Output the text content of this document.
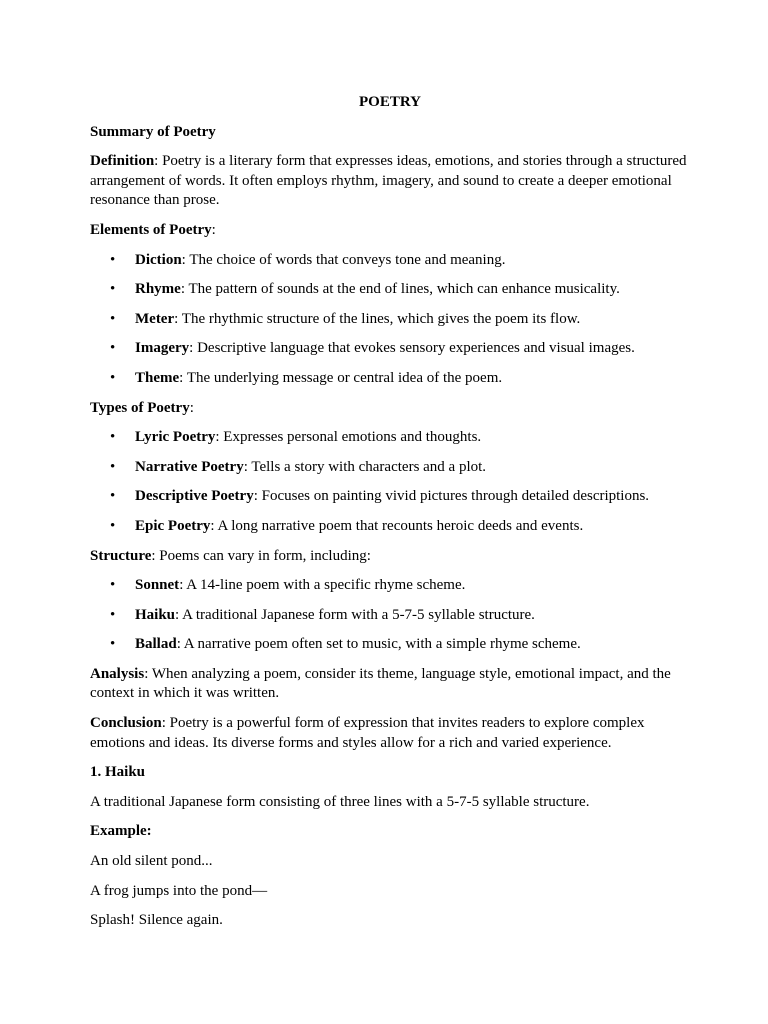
POETRY

Summary of Poetry

Definition: Poetry is a literary form that expresses ideas, emotions, and stories through a structured arrangement of words. It often employs rhythm, imagery, and sound to create a deeper emotional resonance than prose.

Elements of Poetry:

• Diction: The choice of words that conveys tone and meaning.
• Rhyme: The pattern of sounds at the end of lines, which can enhance musicality.
• Meter: The rhythmic structure of the lines, which gives the poem its flow.
• Imagery: Descriptive language that evokes sensory experiences and visual images.
• Theme: The underlying message or central idea of the poem.

Types of Poetry:

• Lyric Poetry: Expresses personal emotions and thoughts.
• Narrative Poetry: Tells a story with characters and a plot.
• Descriptive Poetry: Focuses on painting vivid pictures through detailed descriptions.
• Epic Poetry: A long narrative poem that recounts heroic deeds and events.

Structure: Poems can vary in form, including:

• Sonnet: A 14-line poem with a specific rhyme scheme.
• Haiku: A traditional Japanese form with a 5-7-5 syllable structure.
• Ballad: A narrative poem often set to music, with a simple rhyme scheme.

Analysis: When analyzing a poem, consider its theme, language style, emotional impact, and the context in which it was written.

Conclusion: Poetry is a powerful form of expression that invites readers to explore complex emotions and ideas. Its diverse forms and styles allow for a rich and varied experience.

1. Haiku

A traditional Japanese form consisting of three lines with a 5-7-5 syllable structure.

Example:

An old silent pond...

A frog jumps into the pond—

Splash! Silence again.
